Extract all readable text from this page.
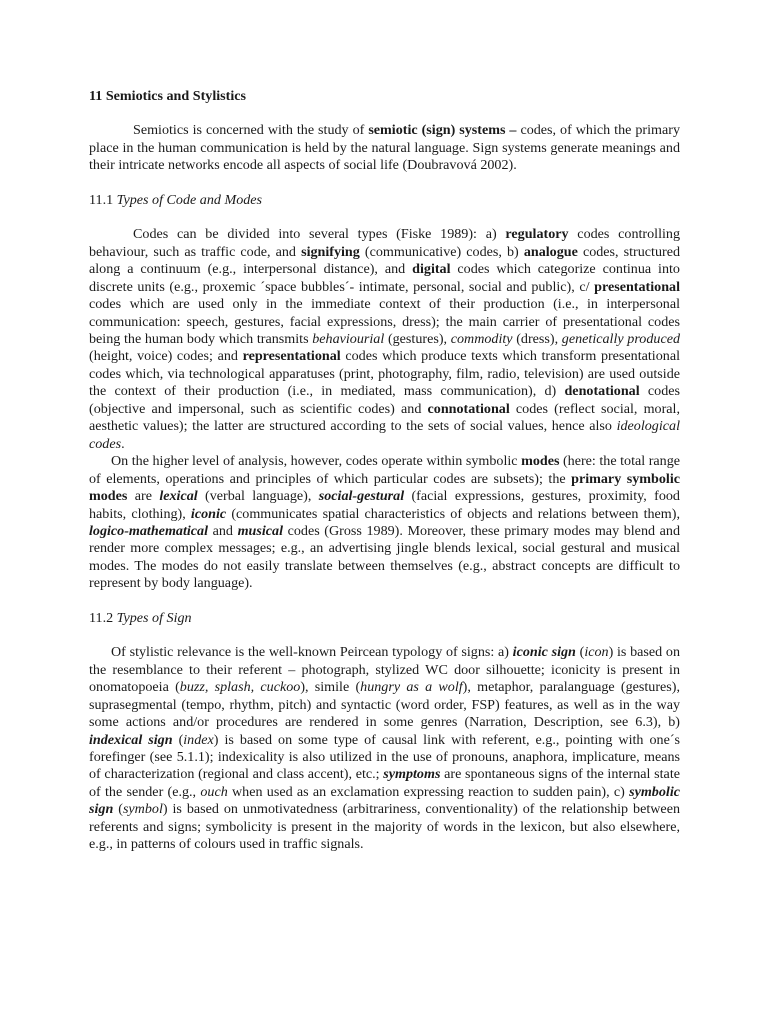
11 Semiotics and Stylistics

Semiotics is concerned with the study of semiotic (sign) systems – codes, of which the primary place in the human communication is held by the natural language. Sign systems generate meanings and their intricate networks encode all aspects of social life (Doubravová 2002).

11.1 Types of Code and Modes

Codes can be divided into several types (Fiske 1989): a) regulatory codes controlling behaviour, such as traffic code, and signifying (communicative) codes, b) analogue codes, structured along a continuum (e.g., interpersonal distance), and digital codes which categorize continua into discrete units (e.g., proxemic ´space bubbles´- intimate, personal, social and public), c/ presentational codes which are used only in the immediate context of their production (i.e., in interpersonal communication: speech, gestures, facial expressions, dress); the main carrier of presentational codes being the human body which transmits behaviourial (gestures), commodity (dress), genetically produced (height, voice) codes; and representational codes which produce texts which transform presentational codes which, via technological apparatuses (print, photography, film, radio, television) are used outside the context of their production (i.e., in mediated, mass communication), d) denotational codes (objective and impersonal, such as scientific codes) and connotational codes (reflect social, moral, aesthetic values); the latter are structured according to the sets of social values, hence also ideological codes.

On the higher level of analysis, however, codes operate within symbolic modes (here: the total range of elements, operations and principles of which particular codes are subsets); the primary symbolic modes are lexical (verbal language), social-gestural (facial expressions, gestures, proximity, food habits, clothing), iconic (communicates spatial characteristics of objects and relations between them), logico-mathematical and musical codes (Gross 1989). Moreover, these primary modes may blend and render more complex messages; e.g., an advertising jingle blends lexical, social gestural and musical modes. The modes do not easily translate between themselves (e.g., abstract concepts are difficult to represent by body language).

11.2 Types of Sign

Of stylistic relevance is the well-known Peircean typology of signs: a) iconic sign (icon) is based on the resemblance to their referent – photograph, stylized WC door silhouette; iconicity is present in onomatopoeia (buzz, splash, cuckoo), simile (hungry as a wolf), metaphor, paralanguage (gestures), suprasegmental (tempo, rhythm, pitch) and syntactic (word order, FSP) features, as well as in the way some actions and/or procedures are rendered in some genres (Narration, Description, see 6.3), b) indexical sign (index) is based on some type of causal link with referent, e.g., pointing with one´s forefinger (see 5.1.1); indexicality is also utilized in the use of pronouns, anaphora, implicature, means of characterization (regional and class accent), etc.; symptoms are spontaneous signs of the internal state of the sender (e.g., ouch when used as an exclamation expressing reaction to sudden pain), c) symbolic sign (symbol) is based on unmotivatedness (arbitrariness, conventionality) of the relationship between referents and signs; symbolicity is present in the majority of words in the lexicon, but also elsewhere, e.g., in patterns of colours used in traffic signals.
